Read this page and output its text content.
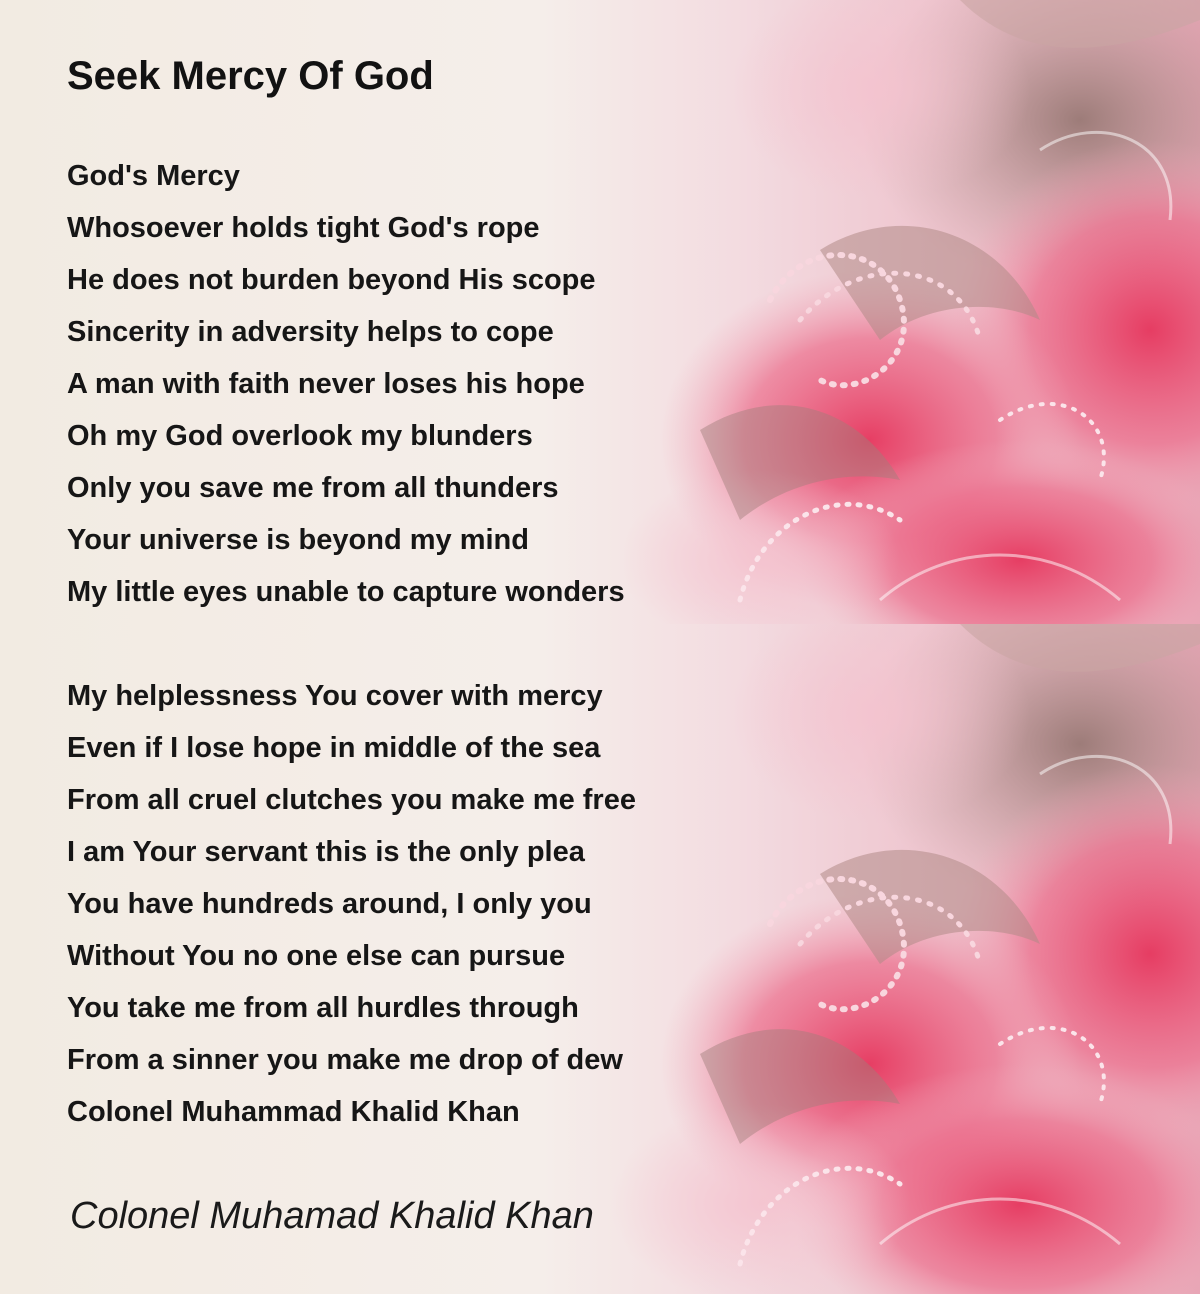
Seek Mercy Of God
God's Mercy
Whosoever holds tight God's rope
He does not burden beyond His scope
Sincerity in adversity helps to cope
A man with faith never loses his hope
Oh my God overlook my blunders
Only you save me from all thunders
Your universe is beyond my mind
My little eyes unable to capture wonders
My helplessness You cover with mercy
Even if I lose hope in middle of the sea
From all cruel clutches you make me free
I am Your servant this is the only plea
You have hundreds around, I only you
Without You no one else can pursue
You take me from all hurdles through
From a sinner you make me drop of dew
Colonel Muhammad Khalid Khan

Colonel Muhamad Khalid Khan
